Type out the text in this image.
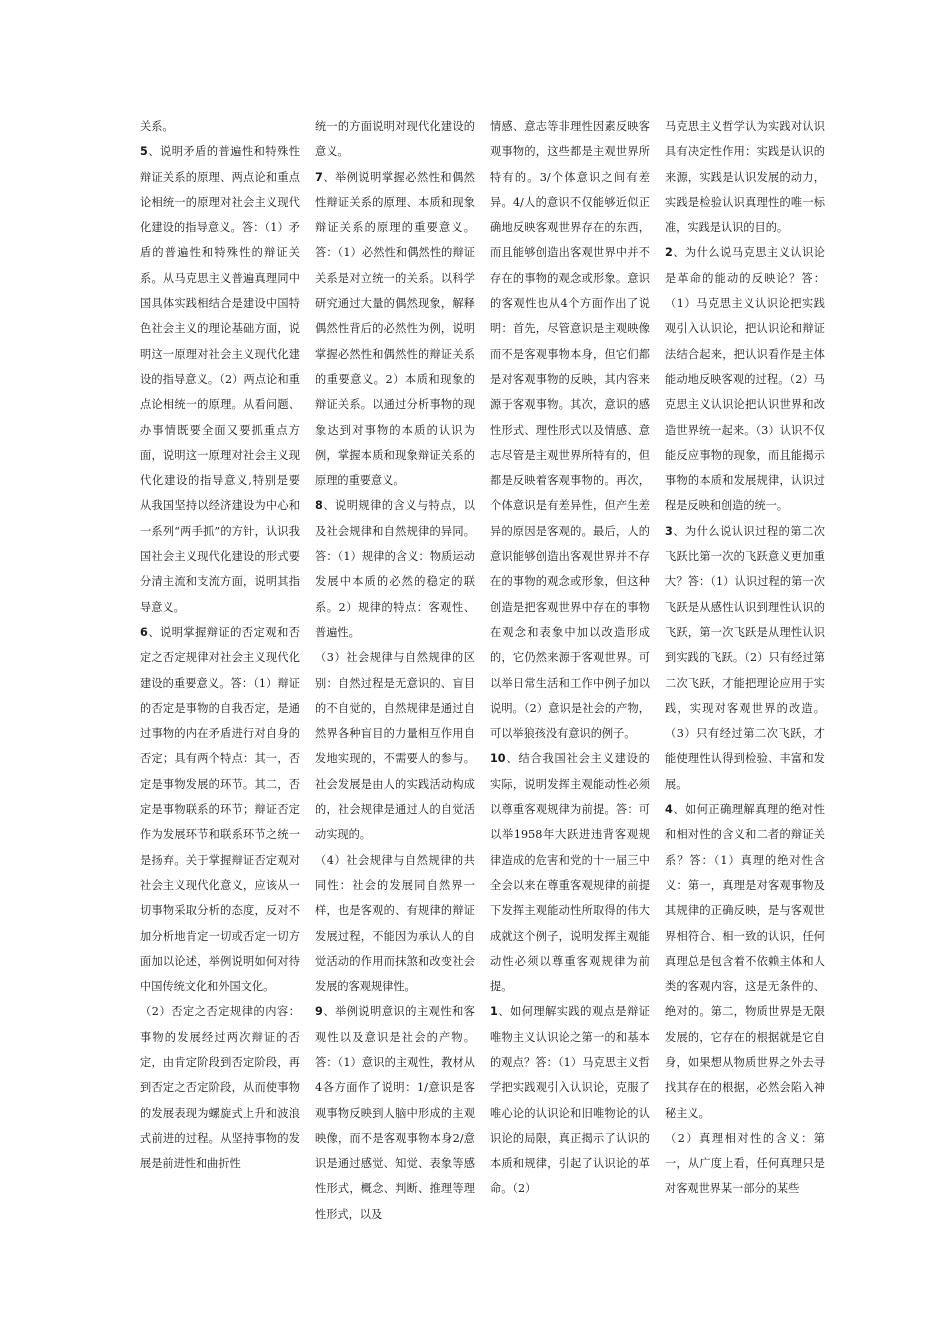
关系。

5、说明矛盾的普遍性和特殊性辩证关系的原理、两点论和重点论相统一的原理对社会主义现代化建设的指导意义。答：（1）矛盾的普遍性和特殊性的辩证关系。从马克思主义普遍真理同中国具体实践相结合是建设中国特色社会主义的理论基础方面，说明这一原理对社会主义现代化建设的指导意义。（2）两点论和重点论相统一的原理。从看问题、办事情既要全面又要抓重点方面，说明这一原理对社会主义现代化建设的指导意义,特别是要从我国坚持以经济建设为中心和一系列“两手抓”的方针，认识我国社会主义现代化建设的形式要分清主流和支流方面，说明其指导意义。

6、说明掌握辩证的否定观和否定之否定规律对社会主义现代化建设的重要意义。答：（1）辩证的否定是事物的自我否定，是通过事物的内在矛盾进行对自身的否定；具有两个特点：其一，否定是事物发展的环节。其二，否定是事物联系的环节；辩证否定作为发展环节和联系环节之统一是扬弃。关于掌握辩证否定观对社会主义现代化意义，应该从一切事物采取分析的态度，反对不加分析地肯定一切或否定一切方面加以论述，举例说明如何对待中国传统文化和外国文化。

（2）否定之否定规律的内容：事物的发展经过两次辩证的否定，由肯定阶段到否定阶段，再到否定之否定阶段，从而使事物的发展表现为螺旋式上升和波浪式前进的过程。从坚持事物的发展是前进性和曲折性

统一的方面说明对现代化建设的意义。

7、举例说明掌握必然性和偶然性辩证关系的原理、本质和现象辩证关系的原理的重要意义。答：（1）必然性和偶然性的辩证关系是对立统一的关系。以科学研究通过大量的偶然现象，解释偶然性背后的必然性为例，说明掌握必然性和偶然性的辩证关系的重要意义。2）本质和现象的辩证关系。以通过分析事物的现象达到对事物的本质的认识为例，掌握本质和现象辩证关系的原理的重要意义。

8、说明规律的含义与特点，以及社会规律和自然规律的异同。答：（1）规律的含义：物质运动发展中本质的必然的稳定的联系。2）规律的特点：客观性、普遍性。

（3）社会规律与自然规律的区别：自然过程是无意识的、盲目的不自觉的，自然规律是通过自然界各种盲目的力量相互作用自发地实现的，不需要人的参与。社会发展是由人的实践活动构成的，社会规律是通过人的自觉活动实现的。

（4）社会规律与自然规律的共同性：社会的发展同自然界一样，也是客观的、有规律的辩证发展过程，不能因为承认人的自觉活动的作用而抹煞和改变社会发展的客观规律性。

9、举例说明意识的主观性和客观性以及意识是社会的产物。答：（1）意识的主观性，教材从4各方面作了说明：1/意识是客观事物反映到人脑中形成的主观映像，而不是客观事物本身2/意识是通过感觉、知觉、表象等感性形式，概念、判断、推理等理性形式，以及

情感、意志等非理性因素反映客观事物的，这些都是主观世界所特有的。3/个体意识之间有差异。4/人的意识不仅能够近似正确地反映客观世界存在的东西，而且能够创造出客观世界中并不存在的事物的观念或形象。意识的客观性也从4个方面作出了说明：首先，尽管意识是主观映像而不是客观事物本身，但它们都是对客观事物的反映，其内容来源于客观事物。其次，意识的感性形式、理性形式以及情感、意志尽管是主观世界所特有的，但都是反映着客观事物的。再次，个体意识是有差异性，但产生差异的原因是客观的。最后，人的意识能够创造出客观世界并不存在的事物的观念或形象，但这种创造是把客观世界中存在的事物在观念和表象中加以改造形成的，它仍然来源于客观世界。可以举日常生活和工作中例子加以说明。（2）意识是社会的产物，可以举狼孩没有意识的例子。

10、结合我国社会主义建设的实际，说明发挥主观能动性必须以尊重客观规律为前提。答：可以举1958年大跃进违背客观规律造成的危害和党的十一届三中全会以来在尊重客观规律的前提下发挥主观能动性所取得的伟大成就这个例子，说明发挥主观能动性必须以尊重客观规律为前提。

1、如何理解实践的观点是辩证唯物主义认识论之第一的和基本的观点？答：（1）马克思主义哲学把实践观引入认识论，克服了唯心论的认识论和旧唯物论的认识论的局限，真正揭示了认识的本质和规律，引起了认识论的革命。（2）

马克思主义哲学认为实践对认识具有决定性作用：实践是认识的来源，实践是认识发展的动力，实践是检验认识真理性的唯一标准，实践是认识的目的。

2、为什么说马克思主义认识论是革命的能动的反映论？答：（1）马克思主义认识论把实践观引入认识论，把认识论和辩证法结合起来，把认识看作是主体能动地反映客观的过程。（2）马克思主义认识论把认识世界和改造世界统一起来。（3）认识不仅能反应事物的现象，而且能揭示事物的本质和发展规律，认识过程是反映和创造的统一。

3、为什么说认识过程的第二次飞跃比第一次的飞跃意义更加重大？答：（1）认识过程的第一次飞跃是从感性认识到理性认识的飞跃，第一次飞跃是从理性认识到实践的飞跃。（2）只有经过第二次飞跃，才能把理论应用于实践，实现对客观世界的改造。（3）只有经过第二次飞跃，才能使理性认得到检验、丰富和发展。

4、如何正确理解真理的绝对性和相对性的含义和二者的辩证关系？答：（1）真理的绝对性含义：第一，真理是对客观事物及其规律的正确反映，是与客观世界相符合、相一致的认识，任何真理总是包含着不依赖主体和人类的客观内容，这是无条件的、绝对的。第二，物质世界是无限发展的，它存在的根据就是它自身，如果想从物质世界之外去寻找其存在的根据，必然会陷入神秘主义。

（2）真理相对性的含义：第一，从广度上看，任何真理只是对客观世界某一部分的某些
